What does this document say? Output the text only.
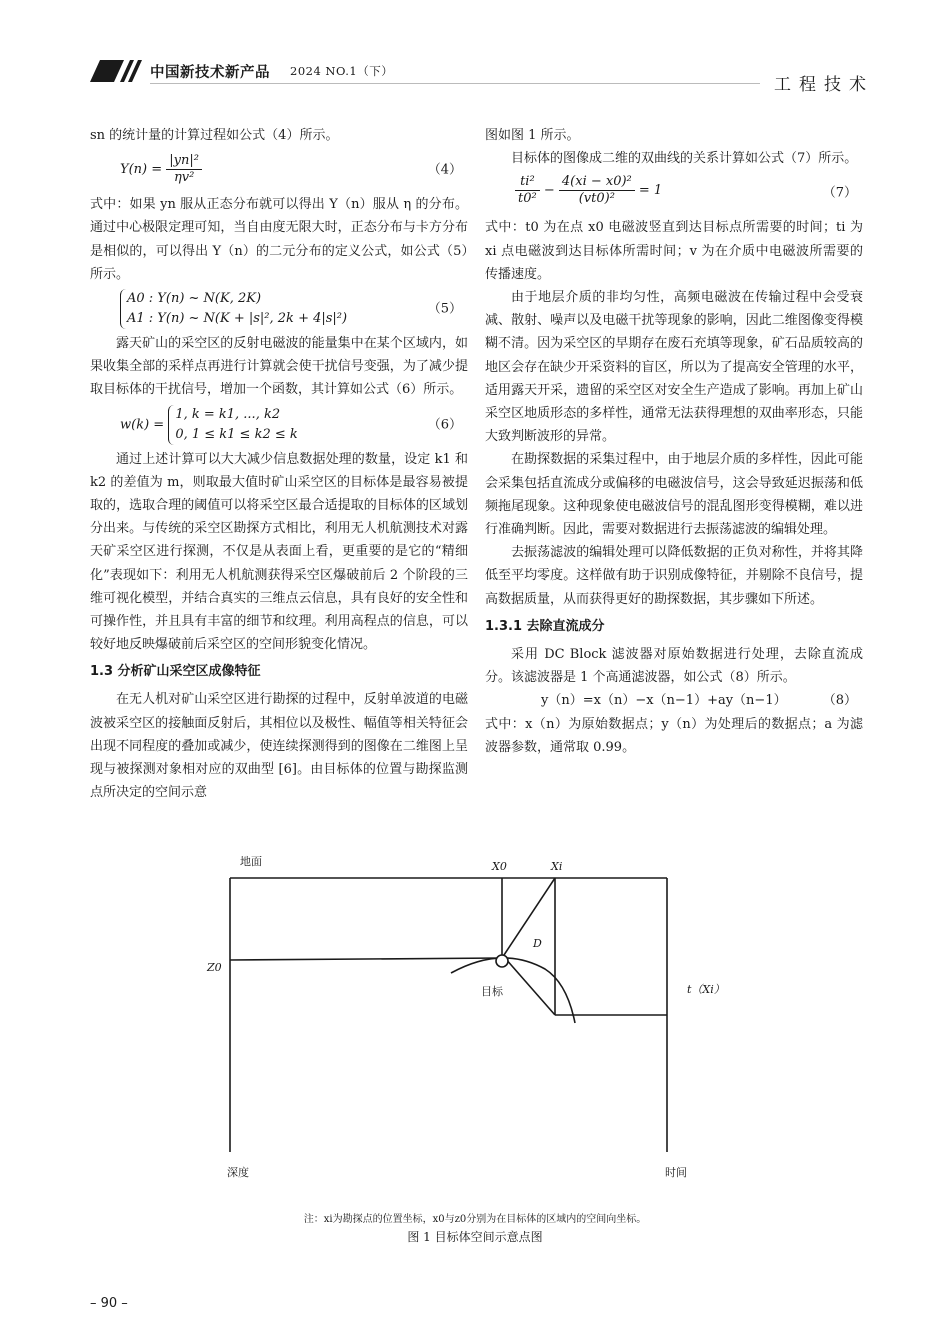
中国新技术新产品 2024 NO.1（下）
工程技术

sn 的统计量的计算过程如公式（4）所示。

$Y(n) = \frac{\text{|yn|²}}{\text{ηv²}}$	（4）

式中：如果 yn 服从正态分布就可以得出 Y（n）服从 η 的分布。通过中心极限定理可知，当自由度无限大时，正态分布与卡方分布是相似的，可以得出 Y（n）的二元分布的定义公式，如公式（5）所示。

A0 : Y(n) ~ N(K, 2K)
A1 : Y(n) ~ N(K + |s|², 2k + 4|s|²)
（5）

露天矿山的采空区的反射电磁波的能量集中在某个区域内，如果收集全部的采样点再进行计算就会使干扰信号变强，为了减少提取目标体的干扰信号，增加一个函数，其计算如公式（6）所示。

w(k) =
1, k = k1, ..., k2
0, 1 ≤ k1 ≤ k2 ≤ k
（6）

通过上述计算可以大大减少信息数据处理的数量，设定 k1 和 k2 的差值为 m，则取最大值时矿山采空区的目标体是最容易被提取的，选取合理的阈值可以将采空区最合适提取的目标体的区域划分出来。与传统的采空区勘探方式相比，利用无人机航测技术对露天矿采空区进行探测，不仅是从表面上看，更重要的是它的“精细化”表现如下：利用无人机航测获得采空区爆破前后 2 个阶段的三维可视化模型，并结合真实的三维点云信息，具有良好的安全性和可操作性，并且具有丰富的细节和纹理。利用高程点的信息，可以较好地反映爆破前后采空区的空间形貌变化情况。

1.3 分析矿山采空区成像特征

在无人机对矿山采空区进行勘探的过程中，反射单波道的电磁波被采空区的接触面反射后，其相位以及极性、幅值等相关特征会出现不同程度的叠加或减少，使连续探测得到的图像在二维图上呈现与被探测对象相对应的双曲型 [6]。由目标体的位置与勘探监测点所决定的空间示意

图如图 1 所示。

目标体的图像成二维的双曲线的关系计算如公式（7）所示。

$\frac{\text{ti²}}{\text{t0²}} - \frac{\text{4(xi − x0)²}}{\text{(vt0)²}} = 1$	（7）

式中：t0 为在点 x0 电磁波竖直到达目标点所需要的时间；ti 为 xi 点电磁波到达目标体所需时间；v 为在介质中电磁波所需要的传播速度。

由于地层介质的非均匀性，高频电磁波在传输过程中会受衰减、散射、噪声以及电磁干扰等现象的影响，因此二维图像变得模糊不清。因为采空区的早期存在废石充填等现象，矿石品质较高的地区会存在缺少开采资料的盲区，所以为了提高安全管理的水平，适用露天开采，遗留的采空区对安全生产造成了影响。再加上矿山采空区地质形态的多样性，通常无法获得理想的双曲率形态，只能大致判断波形的异常。

在勘探数据的采集过程中，由于地层介质的多样性，因此可能会采集包括直流成分或偏移的电磁波信号，这会导致延迟振荡和低频拖尾现象。这种现象使电磁波信号的混乱图形变得模糊，难以进行准确判断。因此，需要对数据进行去振荡滤波的编辑处理。

去振荡滤波的编辑处理可以降低数据的正负对称性，并将其降低至平均零度。这样做有助于识别成像特征，并剔除不良信号，提高数据质量，从而获得更好的勘探数据，其步骤如下所述。

1.3.1 去除直流成分

采用 DC Block 滤波器对原始数据进行处理，去除直流成分。该滤波器是 1 个高通滤波器，如公式（8）所示。

y（n）=x（n）−x（n−1）+ay（n−1）	（8）

式中：x（n）为原始数据点；y（n）为处理后的数据点；a 为滤波器参数，通常取 0.99。

地面	X0	Xi
D
Z0
目标	t（Xi）
深度	时间
注：xi为勘探点的位置坐标，x0与z0分别为在目标体的区域内的空间向坐标。
图 1 目标体空间示意点图
– 90 –
